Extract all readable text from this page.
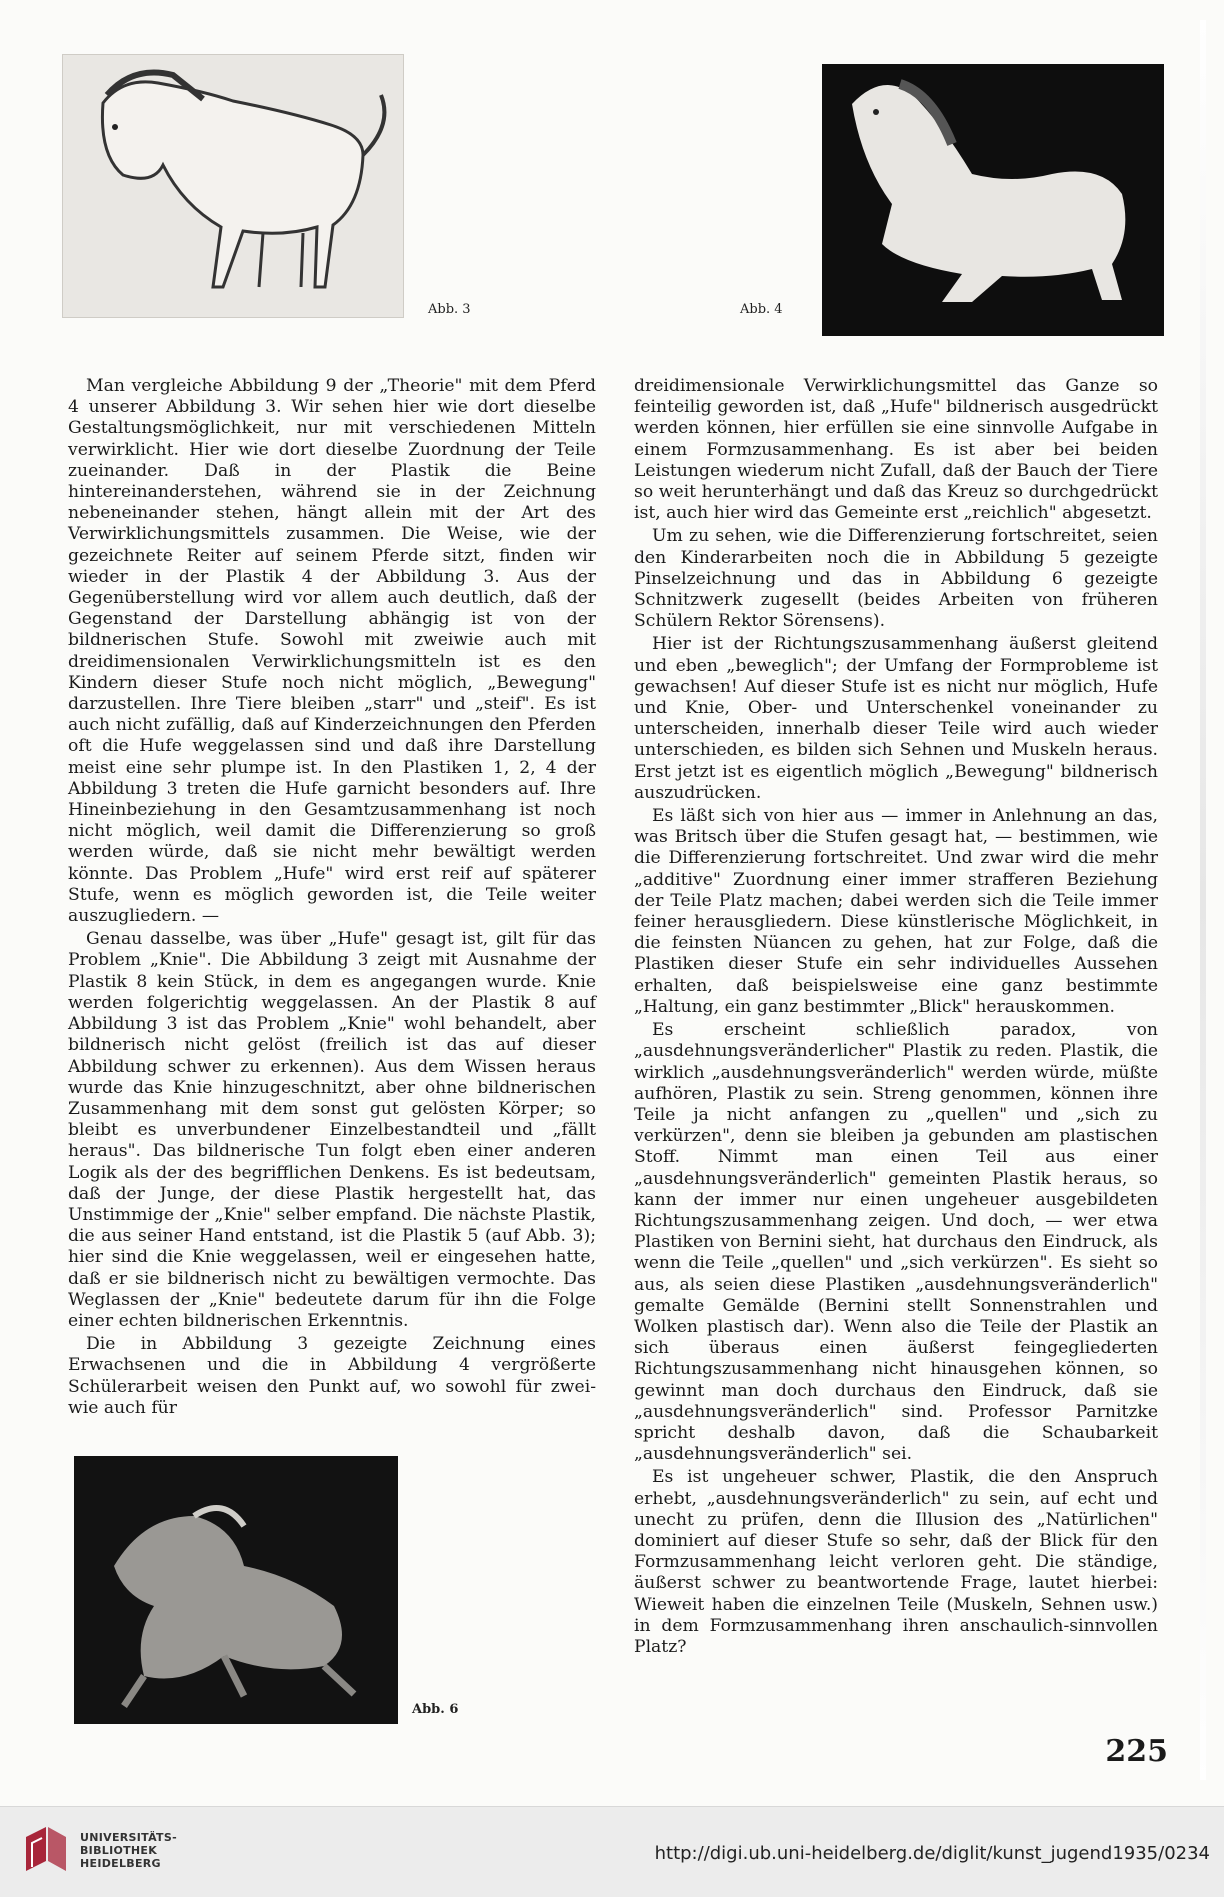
Abb. 3	Abb. 4

Man vergleiche Abbildung 9 der „Theorie" mit dem Pferd 4 unserer Abbildung 3. Wir sehen hier wie dort dieselbe Gestaltungsmöglichkeit, nur mit verschiedenen Mitteln verwirklicht. Hier wie dort dieselbe Zuordnung der Teile zueinander. Daß in der Plastik die Beine hintereinanderstehen, während sie in der Zeichnung nebeneinander stehen, hängt allein mit der Art des Verwirklichungsmittels zusammen. Die Weise, wie der gezeichnete Reiter auf seinem Pferde sitzt, finden wir wieder in der Plastik 4 der Abbildung 3. Aus der Gegenüberstellung wird vor allem auch deutlich, daß der Gegenstand der Darstellung abhängig ist von der bildnerischen Stufe. Sowohl mit zweiwie auch mit dreidimensionalen Verwirklichungsmitteln ist es den Kindern dieser Stufe noch nicht möglich, „Bewegung" darzustellen. Ihre Tiere bleiben „starr" und „steif". Es ist auch nicht zufällig, daß auf Kinderzeichnungen den Pferden oft die Hufe weggelassen sind und daß ihre Darstellung meist eine sehr plumpe ist. In den Plastiken 1, 2, 4 der Abbildung 3 treten die Hufe garnicht besonders auf. Ihre Hineinbeziehung in den Gesamtzusammenhang ist noch nicht möglich, weil damit die Differenzierung so groß werden würde, daß sie nicht mehr bewältigt werden könnte. Das Problem „Hufe" wird erst reif auf späterer Stufe, wenn es möglich geworden ist, die Teile weiter auszugliedern. —

Genau dasselbe, was über „Hufe" gesagt ist, gilt für das Problem „Knie". Die Abbildung 3 zeigt mit Ausnahme der Plastik 8 kein Stück, in dem es angegangen wurde. Knie werden folgerichtig weggelassen. An der Plastik 8 auf Abbildung 3 ist das Problem „Knie" wohl behandelt, aber bildnerisch nicht gelöst (freilich ist das auf dieser Abbildung schwer zu erkennen). Aus dem Wissen heraus wurde das Knie hinzugeschnitzt, aber ohne bildnerischen Zusammenhang mit dem sonst gut gelösten Körper; so bleibt es unverbundener Einzelbestandteil und „fällt heraus". Das bildnerische Tun folgt eben einer anderen Logik als der des begrifflichen Denkens. Es ist bedeutsam, daß der Junge, der diese Plastik hergestellt hat, das Unstimmige der „Knie" selber empfand. Die nächste Plastik, die aus seiner Hand entstand, ist die Plastik 5 (auf Abb. 3); hier sind die Knie weggelassen, weil er eingesehen hatte, daß er sie bildnerisch nicht zu bewältigen vermochte. Das Weglassen der „Knie" bedeutete darum für ihn die Folge einer echten bildnerischen Erkenntnis.

Die in Abbildung 3 gezeigte Zeichnung eines Erwachsenen und die in Abbildung 4 vergrößerte Schülerarbeit weisen den Punkt auf, wo sowohl für zwei- wie auch für

Abb. 6

dreidimensionale Verwirklichungsmittel das Ganze so feinteilig geworden ist, daß „Hufe" bildnerisch ausgedrückt werden können, hier erfüllen sie eine sinnvolle Aufgabe in einem Formzusammenhang. Es ist aber bei beiden Leistungen wiederum nicht Zufall, daß der Bauch der Tiere so weit herunterhängt und daß das Kreuz so durchgedrückt ist, auch hier wird das Gemeinte erst „reichlich" abgesetzt.

Um zu sehen, wie die Differenzierung fortschreitet, seien den Kinderarbeiten noch die in Abbildung 5 gezeigte Pinselzeichnung und das in Abbildung 6 gezeigte Schnitzwerk zugesellt (beides Arbeiten von früheren Schülern Rektor Sörensens).

Hier ist der Richtungszusammenhang äußerst gleitend und eben „beweglich"; der Umfang der Formprobleme ist gewachsen! Auf dieser Stufe ist es nicht nur möglich, Hufe und Knie, Ober- und Unterschenkel voneinander zu unterscheiden, innerhalb dieser Teile wird auch wieder unterschieden, es bilden sich Sehnen und Muskeln heraus. Erst jetzt ist es eigentlich möglich „Bewegung" bildnerisch auszudrücken.

Es läßt sich von hier aus — immer in Anlehnung an das, was Britsch über die Stufen gesagt hat, — bestimmen, wie die Differenzierung fortschreitet. Und zwar wird die mehr „additive" Zuordnung einer immer strafferen Beziehung der Teile Platz machen; dabei werden sich die Teile immer feiner herausgliedern. Diese künstlerische Möglichkeit, in die feinsten Nüancen zu gehen, hat zur Folge, daß die Plastiken dieser Stufe ein sehr individuelles Aussehen erhalten, daß beispielsweise eine ganz bestimmte „Haltung, ein ganz bestimmter „Blick" herauskommen.

Es erscheint schließlich paradox, von „ausdehnungsveränderlicher" Plastik zu reden. Plastik, die wirklich „ausdehnungsveränderlich" werden würde, müßte aufhören, Plastik zu sein. Streng genommen, können ihre Teile ja nicht anfangen zu „quellen" und „sich zu verkürzen", denn sie bleiben ja gebunden am plastischen Stoff. Nimmt man einen Teil aus einer „ausdehnungsveränderlich" gemeinten Plastik heraus, so kann der immer nur einen ungeheuer ausgebildeten Richtungszusammenhang zeigen. Und doch, — wer etwa Plastiken von Bernini sieht, hat durchaus den Eindruck, als wenn die Teile „quellen" und „sich verkürzen". Es sieht so aus, als seien diese Plastiken „ausdehnungsveränderlich" gemalte Gemälde (Bernini stellt Sonnenstrahlen und Wolken plastisch dar). Wenn also die Teile der Plastik an sich überaus einen äußerst feingegliederten Richtungszusammenhang nicht hinausgehen können, so gewinnt man doch durchaus den Eindruck, daß sie „ausdehnungsveränderlich" sind. Professor Parnitzke spricht deshalb davon, daß die Schaubarkeit „ausdehnungsveränderlich" sei.

Es ist ungeheuer schwer, Plastik, die den Anspruch erhebt, „ausdehnungsveränderlich" zu sein, auf echt und unecht zu prüfen, denn die Illusion des „Natürlichen" dominiert auf dieser Stufe so sehr, daß der Blick für den Formzusammenhang leicht verloren geht. Die ständige, äußerst schwer zu beantwortende Frage, lautet hierbei: Wieweit haben die einzelnen Teile (Muskeln, Sehnen usw.) in dem Formzusammenhang ihren anschaulich-sinnvollen Platz?

225
UNIVERSITÄTS-
BIBLIOTHEK
HEIDELBERG	http://digi.ub.uni-heidelberg.de/diglit/kunst_jugend1935/0234
